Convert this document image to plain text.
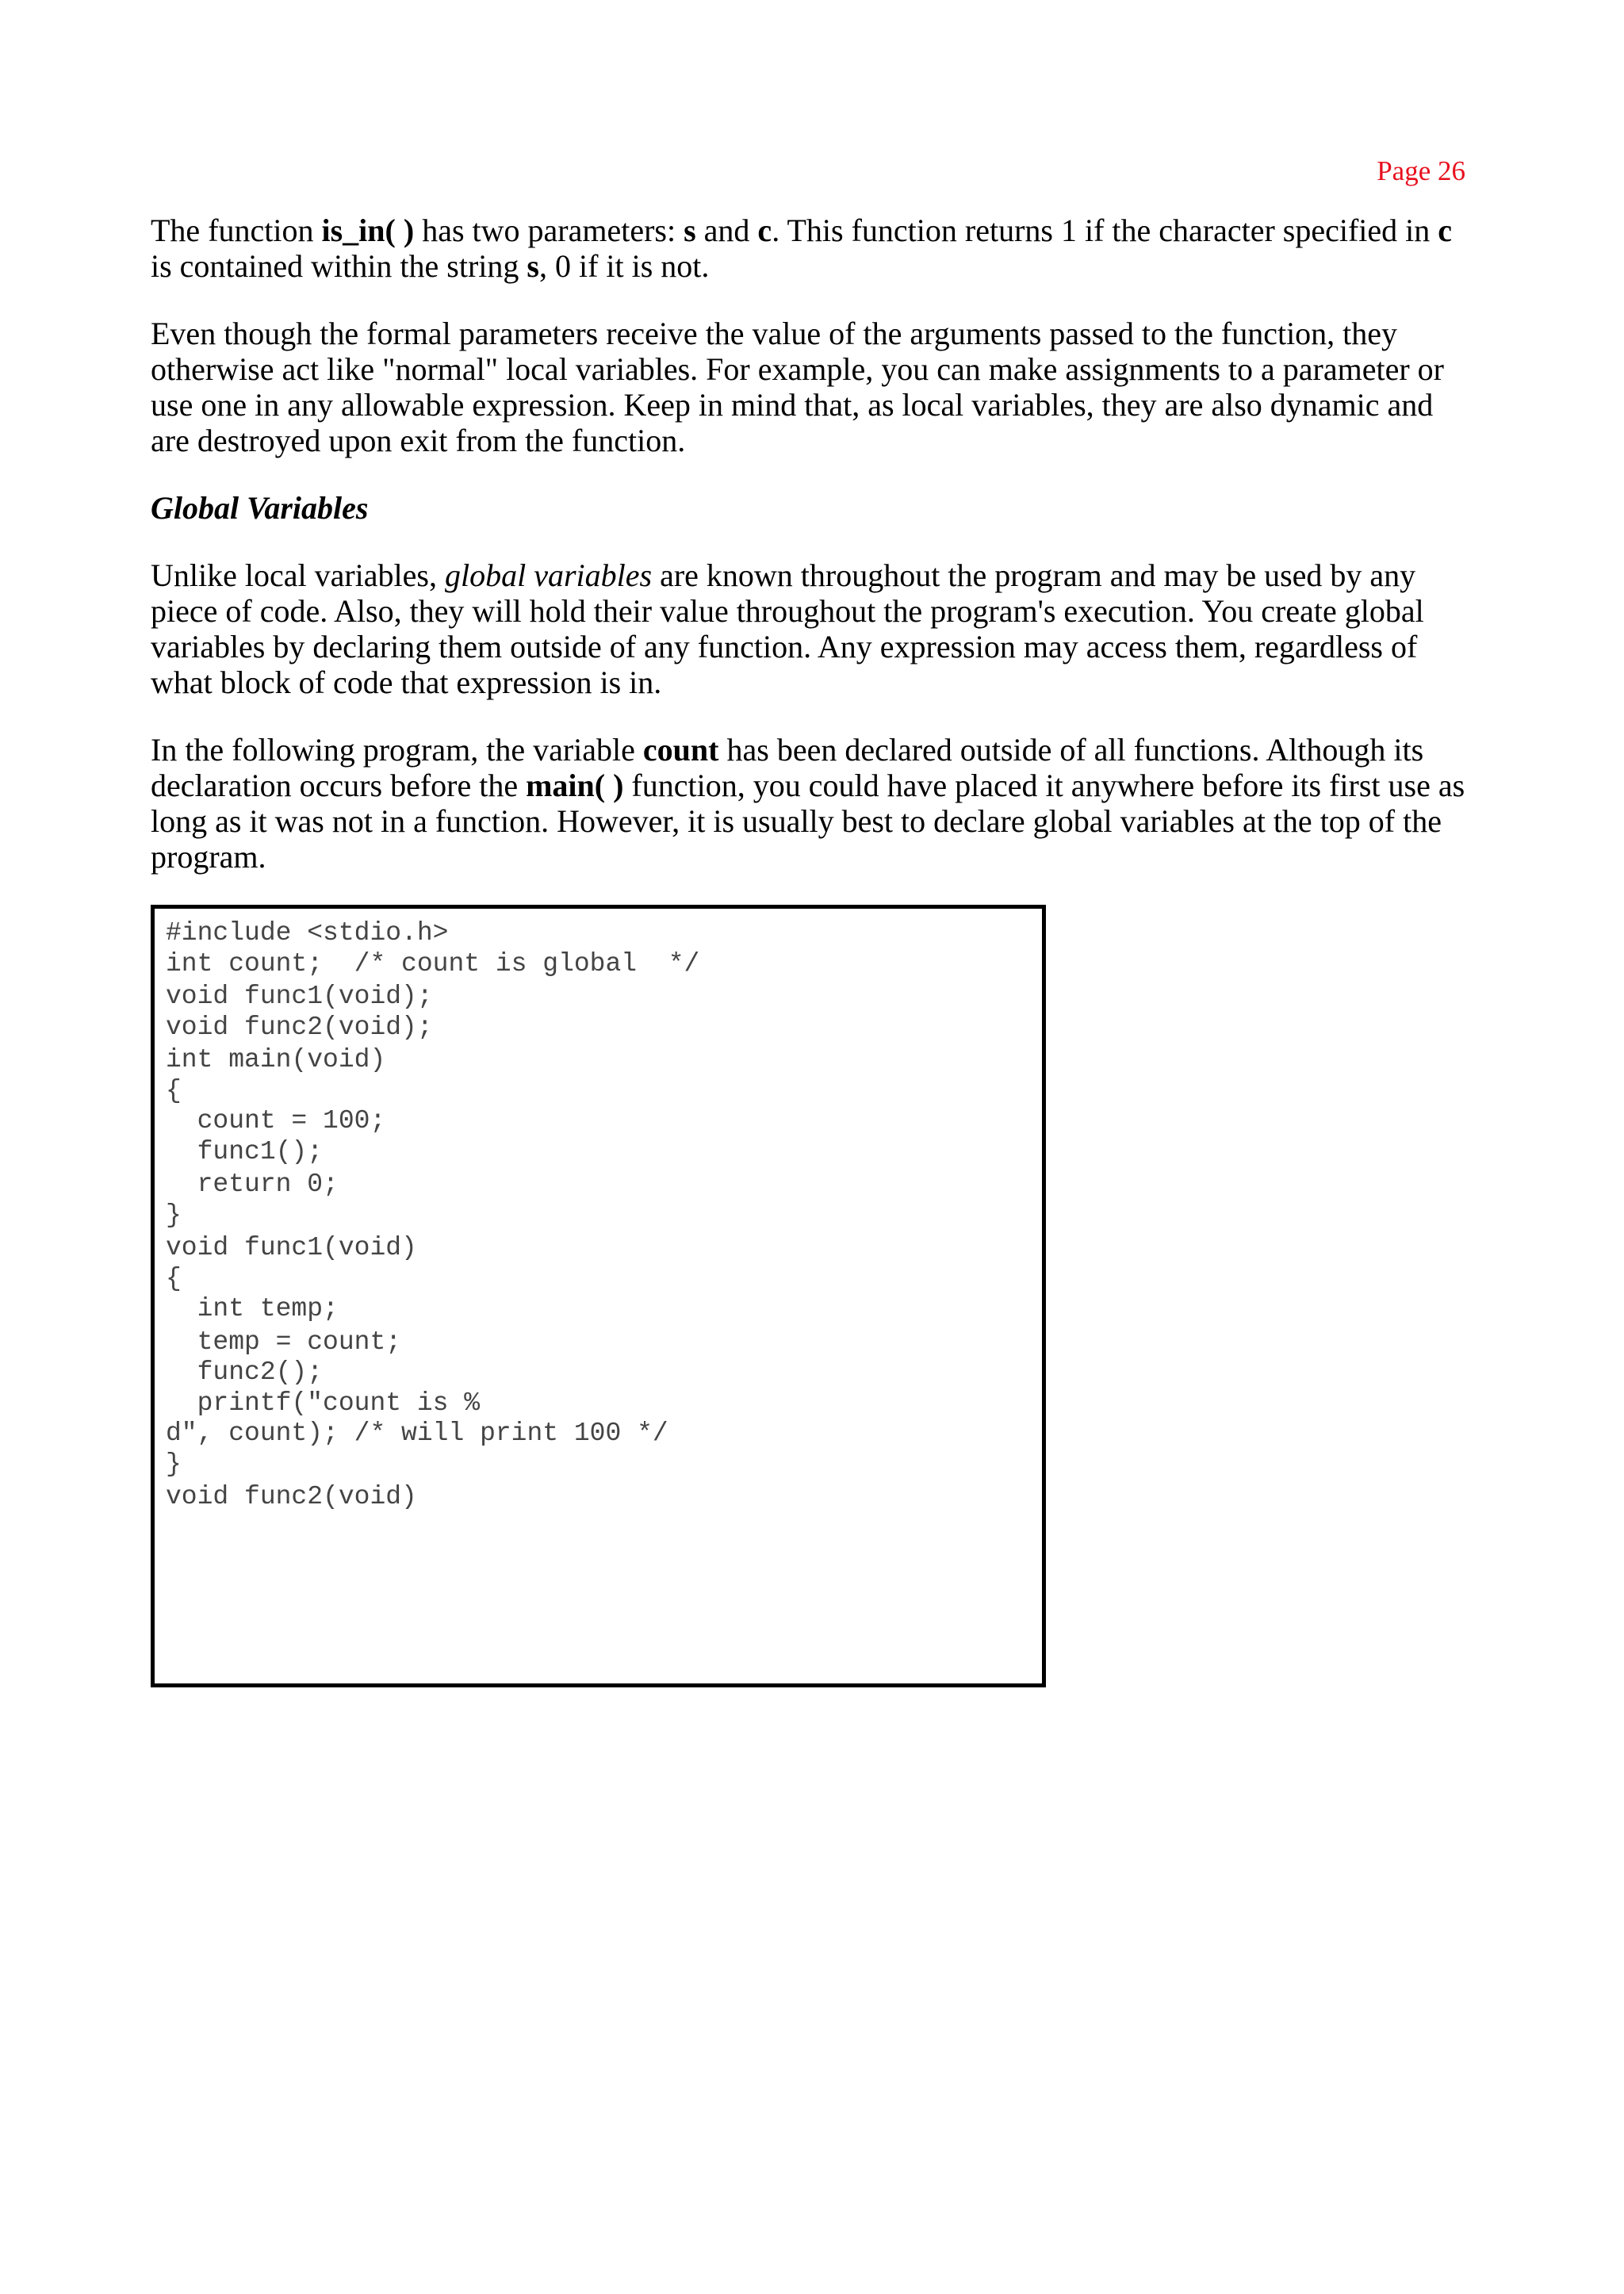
Page 26

The function is_in( ) has two parameters: s and c. This function returns 1 if the character specified in c is contained within the string s, 0 if it is not.

Even though the formal parameters receive the value of the arguments passed to the function, they otherwise act like "normal" local variables. For example, you can make assignments to a parameter or use one in any allowable expression. Keep in mind that, as local variables, they are also dynamic and are destroyed upon exit from the function.

Global Variables

Unlike local variables, global variables are known throughout the program and may be used by any piece of code. Also, they will hold their value throughout the program's execution. You create global variables by declaring them outside of any function. Any expression may access them, regardless of what block of code that expression is in.

In the following program, the variable count has been declared outside of all functions. Although its declaration occurs before the main( ) function, you could have placed it anywhere before its first use as long as it was not in a function. However, it is usually best to declare global variables at the top of the program.

#include <stdio.h>
int count;  /* count is global  */
void func1(void);
void func2(void);
int main(void)
{
count = 100;
func1();
return 0;
}
void func1(void)
{
int temp;
temp = count;
func2();
printf("count is %
d", count); /* will print 100 */
}
void func2(void)
